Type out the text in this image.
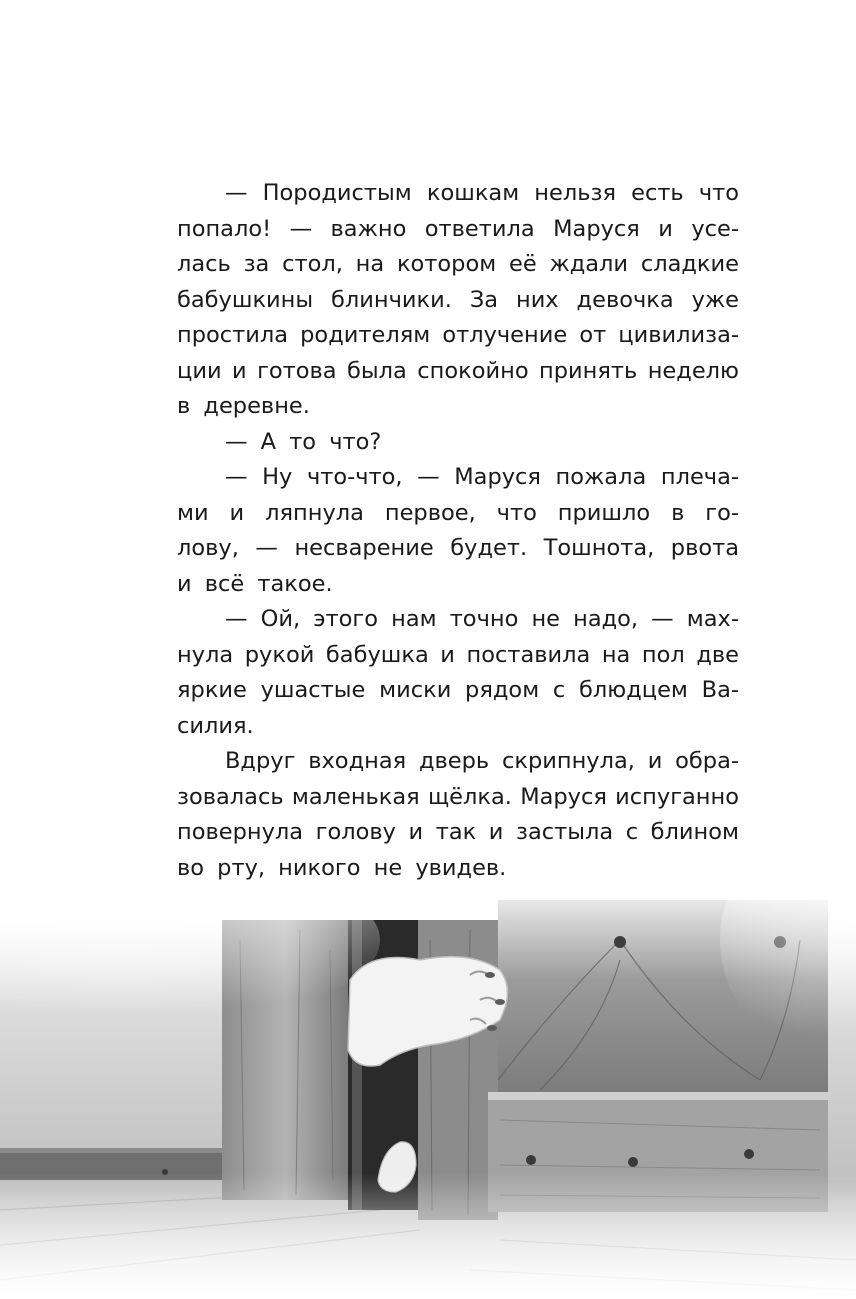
— Породистым кошкам нельзя есть что
попало! — важно ответила Маруся и усе-
лась за стол, на котором её ждали сладкие
бабушкины блинчики. За них девочка уже
простила родителям отлучение от цивилиза-
ции и готова была спокойно принять неделю
в деревне.
— А то что?
— Ну что-что, — Маруся пожала плеча-
ми и ляпнула первое, что пришло в го-
лову, — несварение будет. Тошнота, рвота
и всё такое.
— Ой, этого нам точно не надо, — мах-
нула рукой бабушка и поставила на пол две
яркие ушастые миски рядом с блюдцем Ва-
силия.
Вдруг входная дверь скрипнула, и обра-
зовалась маленькая щёлка. Маруся испуганно
повернула голову и так и застыла с блином
во рту, никого не увидев.
